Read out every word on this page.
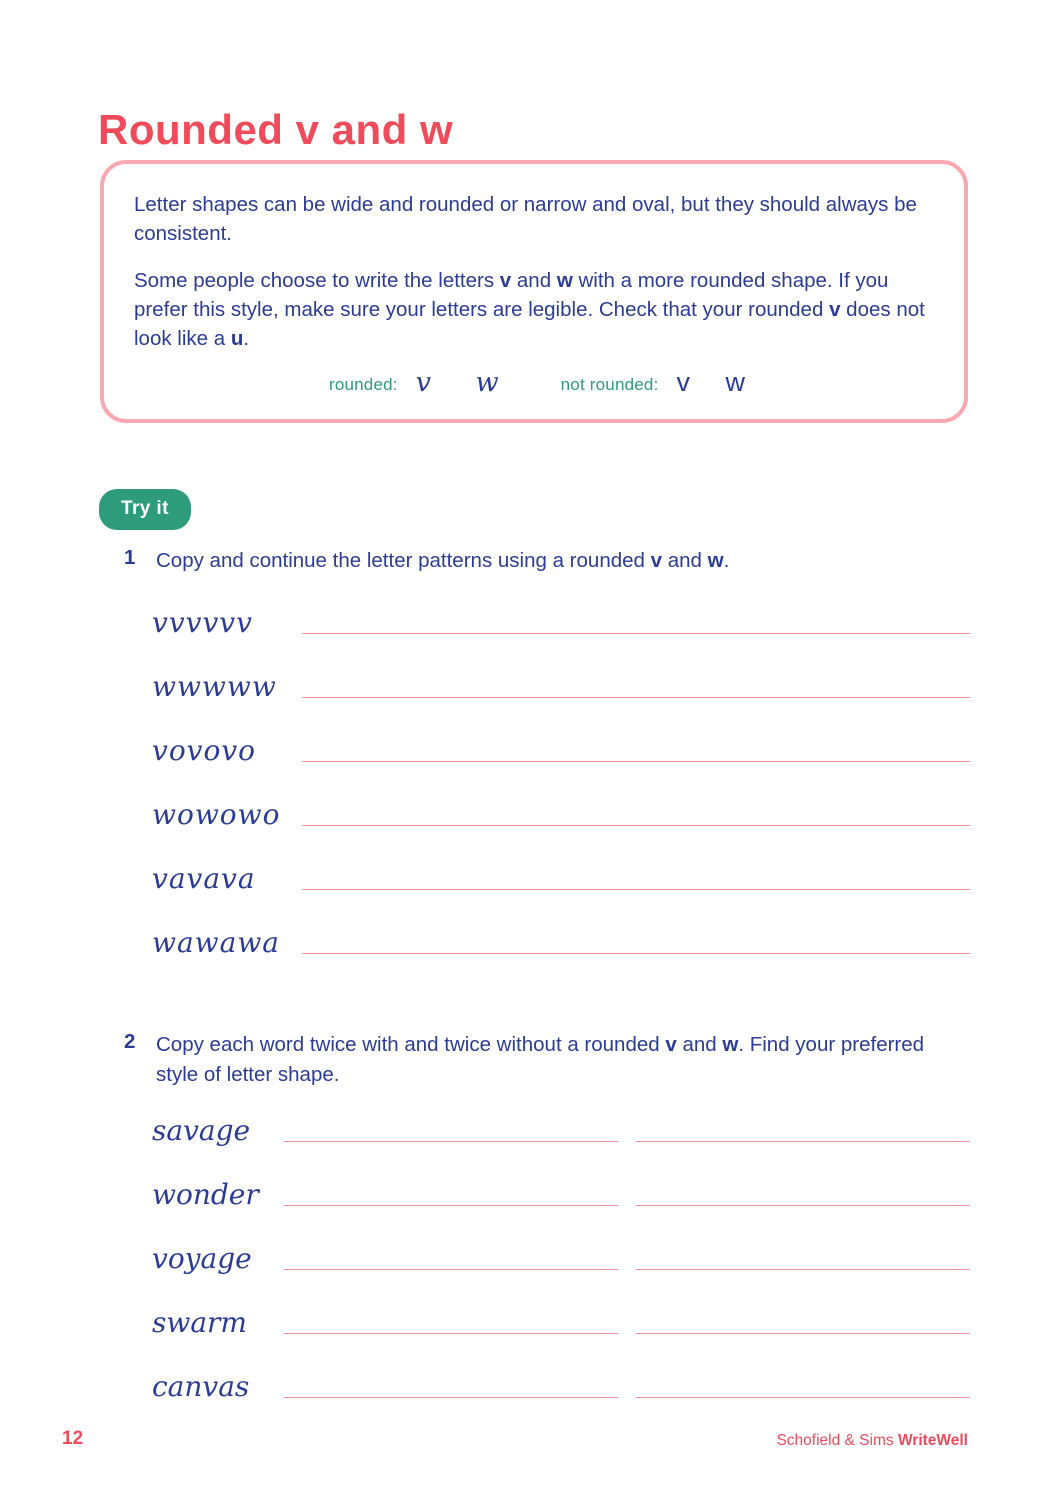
Rounded v and w

Letter shapes can be wide and rounded or narrow and oval, but they should always be consistent.

Some people choose to write the letters v and w with a more rounded shape. If you prefer this style, make sure your letters are legible. Check that your rounded v does not look like a u.

rounded: v w	not rounded: v w
Try it
1	Copy and continue the letter patterns using a rounded v and w.
vvvvvv
wwwww
vovovo
wowowo
vavava
wawawa
2	Copy each word twice with and twice without a rounded v and w. Find your preferred style of letter shape.
savage
wonder
voyage
swarm
canvas
12	Schofield & Sims WriteWell
